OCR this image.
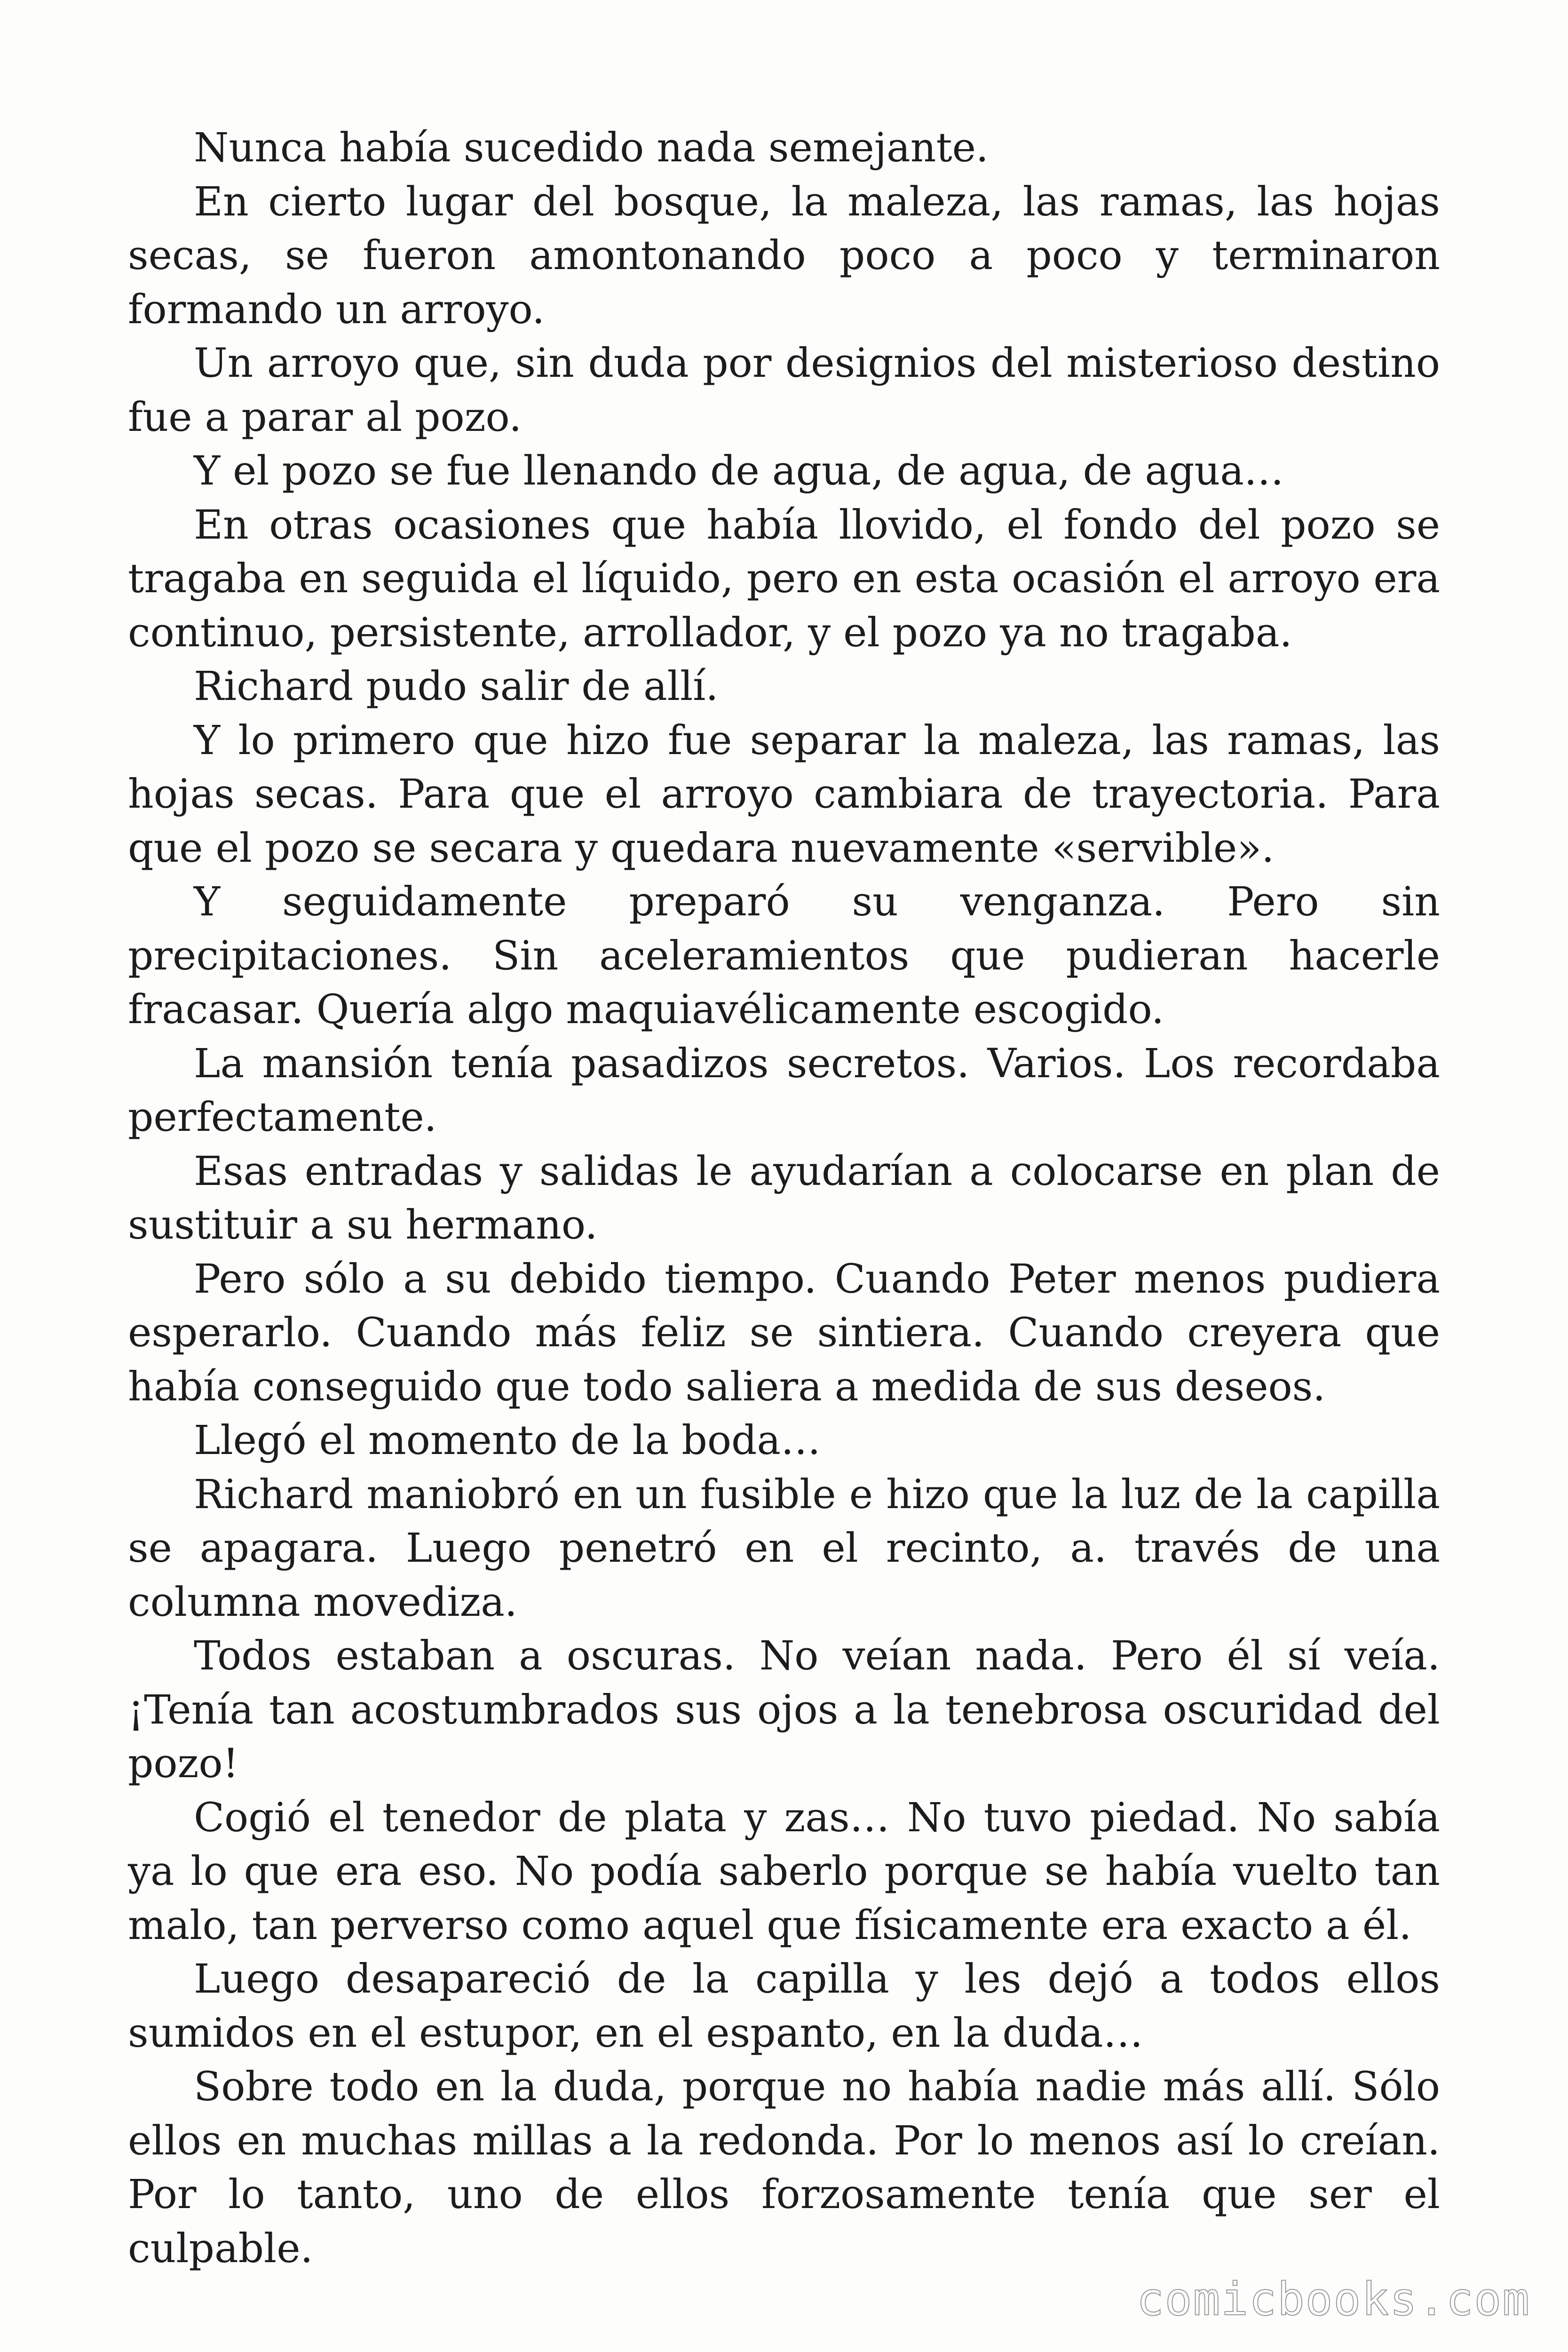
Nunca había sucedido nada semejante.

En cierto lugar del bosque, la maleza, las ramas, las hojas secas, se fueron amontonando poco a poco y terminaron formando un arroyo.

Un arroyo que, sin duda por designios del misterioso destino fue a parar al pozo.

Y el pozo se fue llenando de agua, de agua, de agua…

En otras ocasiones que había llovido, el fondo del pozo se tragaba en seguida el líquido, pero en esta ocasión el arroyo era continuo, persistente, arrollador, y el pozo ya no tragaba.

Richard pudo salir de allí.

Y lo primero que hizo fue separar la maleza, las ramas, las hojas secas. Para que el arroyo cambiara de trayectoria. Para que el pozo se secara y quedara nuevamente «servible».

Y seguidamente preparó su venganza. Pero sin precipitaciones. Sin aceleramientos que pudieran hacerle fracasar. Quería algo maquiavélicamente escogido.

La mansión tenía pasadizos secretos. Varios. Los recordaba perfectamente.

Esas entradas y salidas le ayudarían a colocarse en plan de sustituir a su hermano.

Pero sólo a su debido tiempo. Cuando Peter menos pudiera esperarlo. Cuando más feliz se sintiera. Cuando creyera que había conseguido que todo saliera a medida de sus deseos.

Llegó el momento de la boda…

Richard maniobró en un fusible e hizo que la luz de la capilla se apagara. Luego penetró en el recinto, a. través de una columna movediza.

Todos estaban a oscuras. No veían nada. Pero él sí veía. ¡Tenía tan acostumbrados sus ojos a la tenebrosa oscuridad del pozo!

Cogió el tenedor de plata y zas… No tuvo piedad. No sabía ya lo que era eso. No podía saberlo porque se había vuelto tan malo, tan perverso como aquel que físicamente era exacto a él.

Luego desapareció de la capilla y les dejó a todos ellos sumidos en el estupor, en el espanto, en la duda…

Sobre todo en la duda, porque no había nadie más allí. Sólo ellos en muchas millas a la redonda. Por lo menos así lo creían. Por lo tanto, uno de ellos forzosamente tenía que ser el culpable.

comicbooks.com
